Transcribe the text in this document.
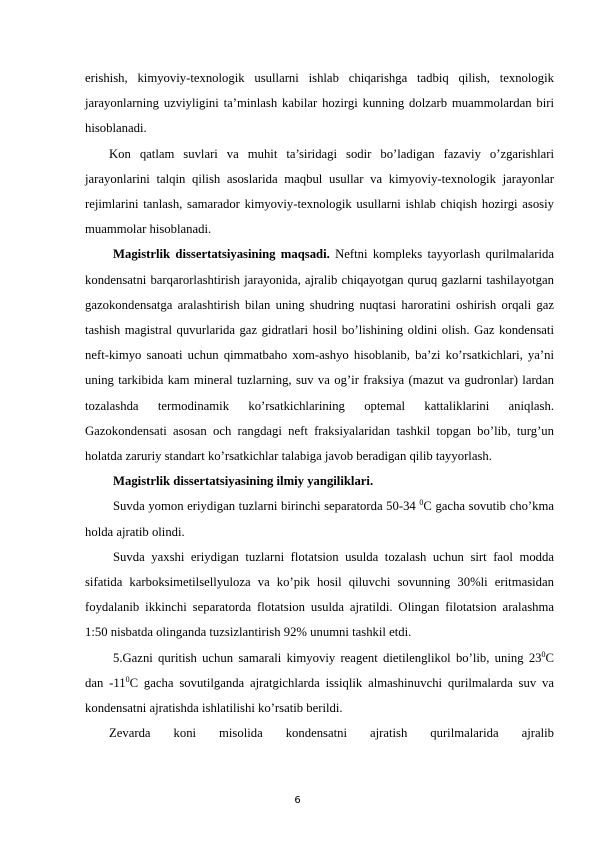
erishish, kimyoviy-texnologik usullarni ishlab chiqarishga tadbiq qilish, texnologik jarayonlarning uzviyligini ta’minlash kabilar hozirgi kunning dolzarb muammolardan biri hisoblanadi.

Kon qatlam suvlari va muhit ta’siridagi sodir bo’ladigan fazaviy o’zgarishlari jarayonlarini talqin qilish asoslarida maqbul usullar va kimyoviy-texnologik jarayonlar rejimlarini tanlash, samarador kimyoviy-texnologik usullarni ishlab chiqish hozirgi asosiy muammolar hisoblanadi.

Magistrlik dissertatsiyasining maqsadi. Neftni kompleks tayyorlash qurilmalarida kondensatni barqarorlashtirish jarayonida, ajralib chiqayotgan quruq gazlarni tashilayotgan gazokondensatga aralashtirish bilan uning shudring nuqtasi haroratini oshirish orqali gaz tashish magistral quvurlarida gaz gidratlari hosil bo’lishining oldini olish. Gaz kondensati neft-kimyo sanoati uchun qimmatbaho xom-ashyo hisoblanib, ba’zi ko’rsatkichlari, ya’ni uning tarkibida kam mineral tuzlarning, suv va og’ir fraksiya (mazut va gudronlar) lardan tozalashda termodinamik ko’rsatkichlarining optemal kattaliklarini aniqlash. Gazokondensati asosan och rangdagi neft fraksiyalaridan tashkil topgan bo’lib, turg’un holatda zaruriy standart ko’rsatkichlar talabiga javob beradigan qilib tayyorlash.

Magistrlik dissertatsiyasining ilmiy yangiliklari.

Suvda yomon eriydigan tuzlarni birinchi separatorda 50-34 $^0$C gacha sovutib cho’kma holda ajratib olindi.

Suvda yaxshi eriydigan tuzlarni flotatsion usulda tozalash uchun sirt faol modda sifatida karboksimetilsellyuloza va ko’pik hosil qiluvchi sovunning 30%li eritmasidan foydalanib ikkinchi separatorda flotatsion usulda ajratildi. Olingan filotatsion aralashma 1:50 nisbatda olinganda tuzsizlantirish 92% unumni tashkil etdi.

5.Gazni quritish uchun samarali kimyoviy reagent dietilenglikol bo’lib, uning $23^0C$ dan $-11^0C$ gacha sovutilganda ajratgichlarda issiqlik almashinuvchi qurilmalarda suv va kondensatni ajratishda ishlatilishi ko’rsatib berildi.

Zevarda koni misolida kondensatni ajratish qurilmalarida ajralib

6
